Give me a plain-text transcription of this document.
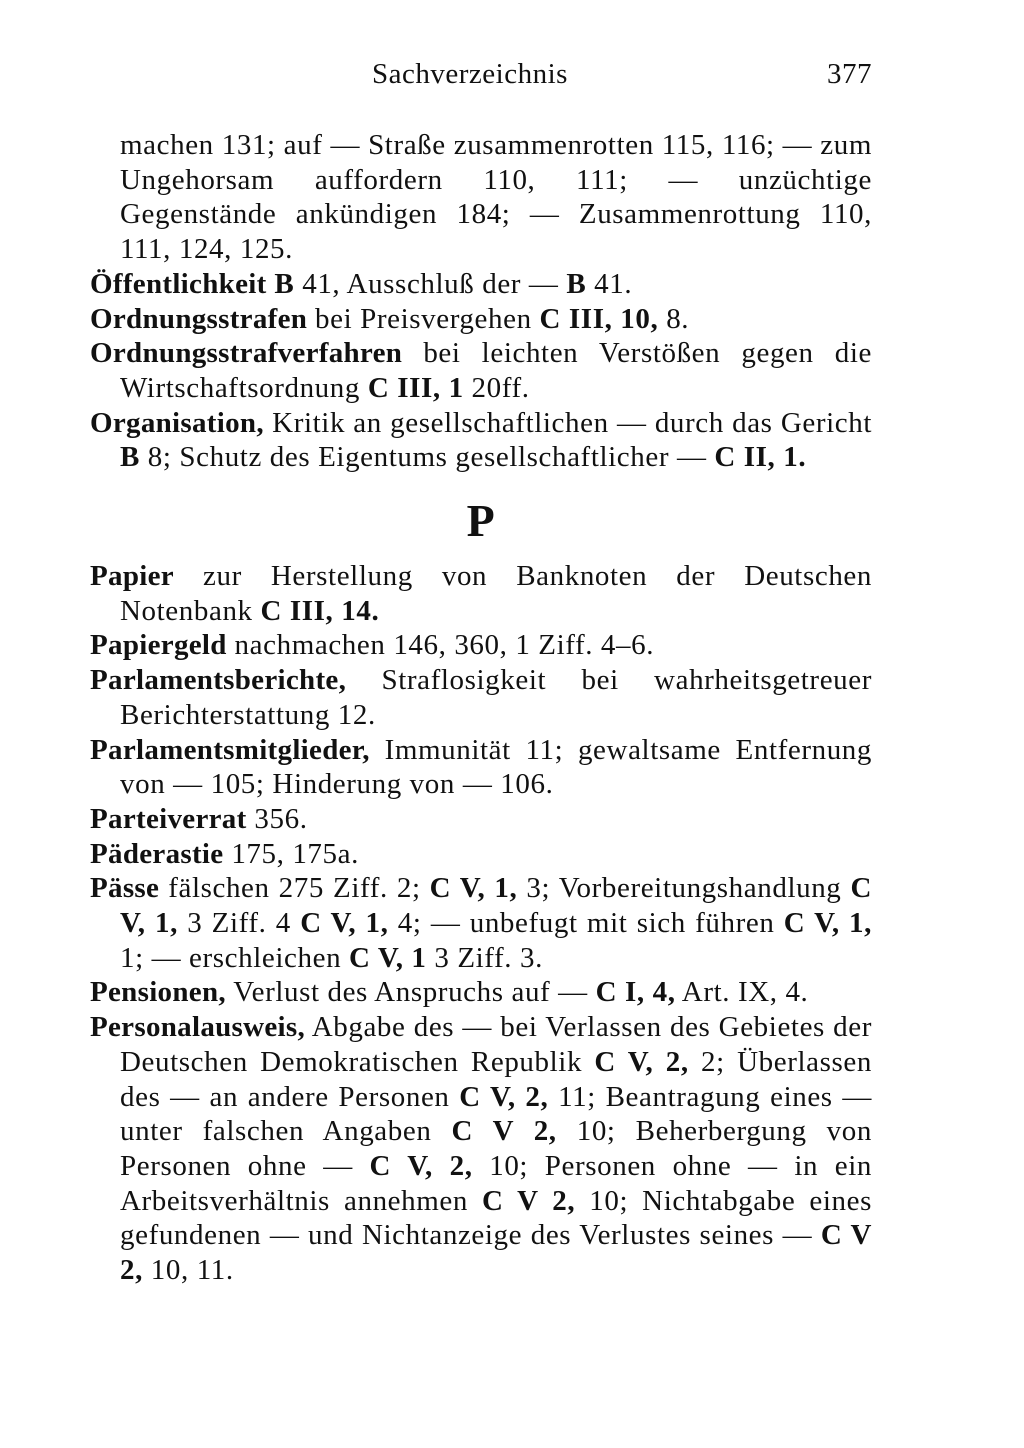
Sachverzeichnis	377
machen 131; auf — Straße zusammenrotten 115, 116; — zum Ungehorsam auffordern 110, 111; — unzüchtige Gegenstände ankündigen 184; — Zusammenrottung 110, 111, 124, 125.
Öffentlichkeit B 41, Ausschluß der — B 41.
Ordnungsstrafen bei Preisvergehen C III, 10, 8.
Ordnungsstrafverfahren bei leichten Verstößen gegen die Wirtschaftsordnung C III, 1 20ff.
Organisation, Kritik an gesellschaftlichen — durch das Gericht B 8; Schutz des Eigentums gesellschaftlicher — C II, 1.
P
Papier zur Herstellung von Banknoten der Deutschen Notenbank C III, 14.
Papiergeld nachmachen 146, 360, 1 Ziff. 4–6.
Parlamentsberichte, Straflosigkeit bei wahrheitsgetreuer Berichterstattung 12.
Parlamentsmitglieder, Immunität 11; gewaltsame Entfernung von — 105; Hinderung von — 106.
Parteiverrat 356.
Päderastie 175, 175a.
Pässe fälschen 275 Ziff. 2; C V, 1, 3; Vorbereitungshandlung C V, 1, 3 Ziff. 4 C V, 1, 4; — unbefugt mit sich führen C V, 1, 1; — erschleichen C V, 1 3 Ziff. 3.
Pensionen, Verlust des Anspruchs auf — C I, 4, Art. IX, 4.
Personalausweis, Abgabe des — bei Verlassen des Gebietes der Deutschen Demokratischen Republik C V, 2, 2; Überlassen des — an andere Personen C V, 2, 11; Beantragung eines — unter falschen Angaben C V 2, 10; Beherbergung von Personen ohne — C V, 2, 10; Personen ohne — in ein Arbeitsverhältnis annehmen C V 2, 10; Nichtabgabe eines gefundenen — und Nichtanzeige des Verlustes seines — C V 2, 10, 11.
